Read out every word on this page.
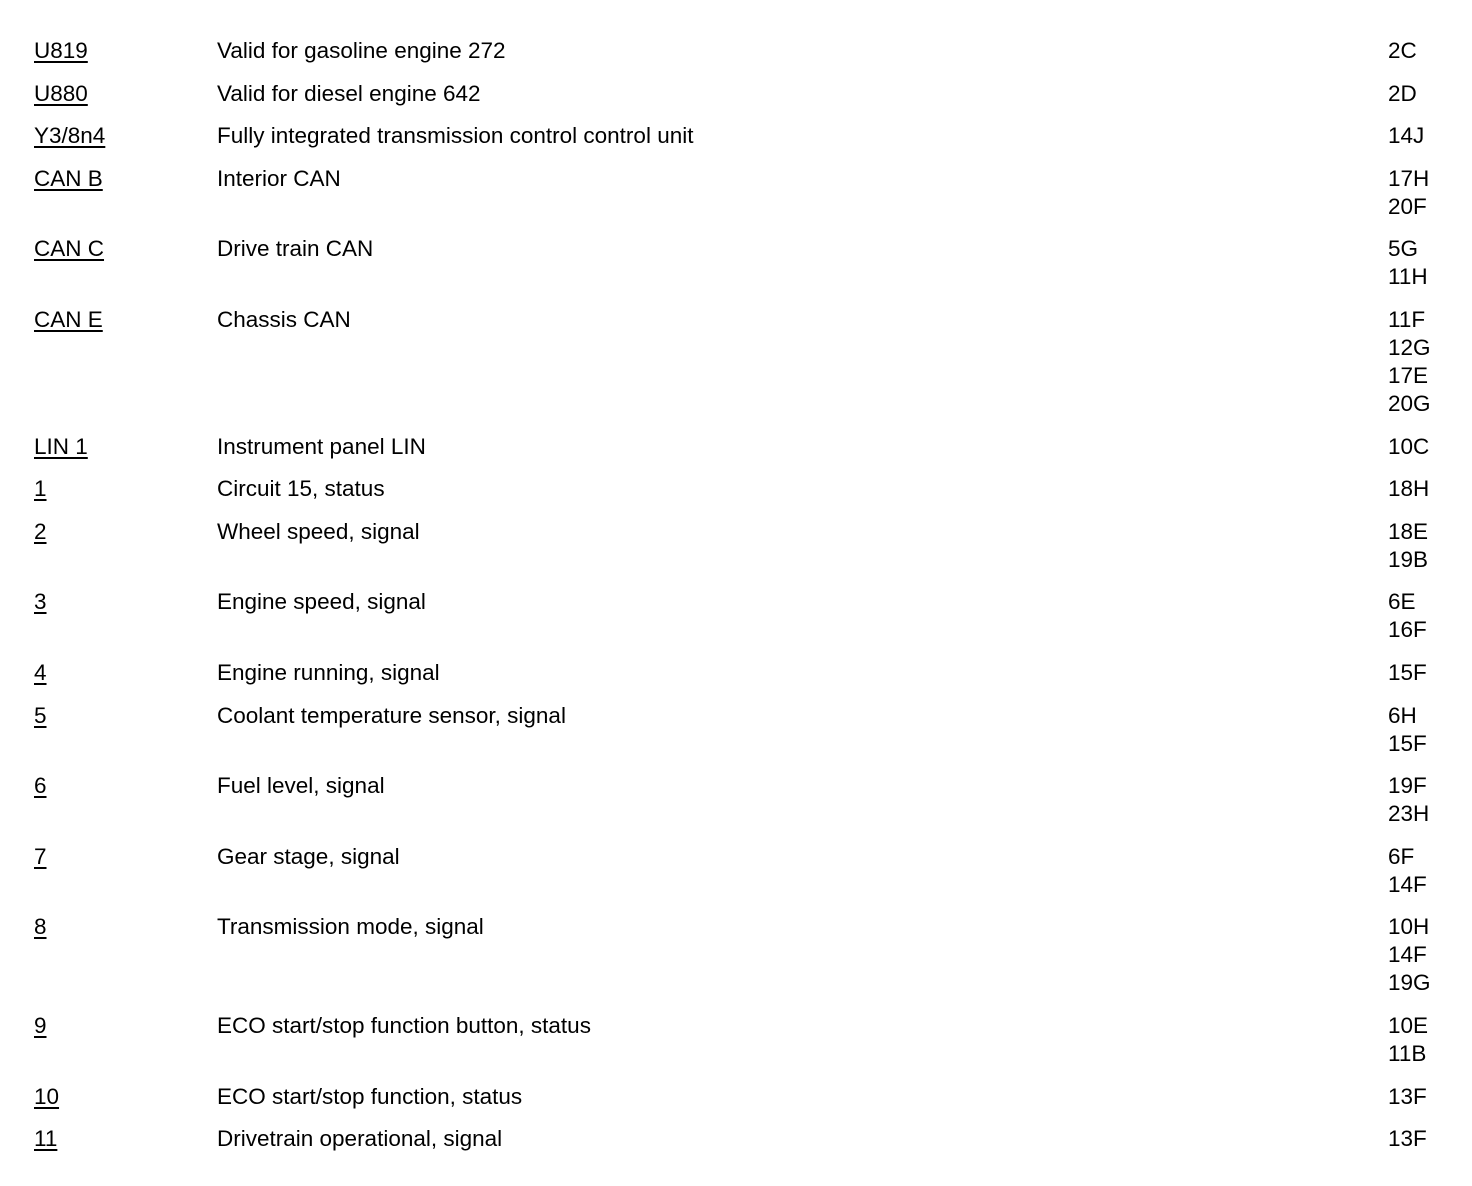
U819	Valid for gasoline engine 272	2C
U880	Valid for diesel engine 642	2D
Y3/8n4	Fully integrated transmission control control unit	14J
CAN B	Interior CAN	17H
20F
CAN C	Drive train CAN	5G
11H
CAN E	Chassis CAN	11F
12G
17E
20G
LIN 1	Instrument panel LIN	10C
1	Circuit 15, status	18H
2	Wheel speed, signal	18E
19B
3	Engine speed, signal	6E
16F
4	Engine running, signal	15F
5	Coolant temperature sensor, signal	6H
15F
6	Fuel level, signal	19F
23H
7	Gear stage, signal	6F
14F
8	Transmission mode, signal	10H
14F
19G
9	ECO start/stop function button, status	10E
11B
10	ECO start/stop function, status	13F
11	Drivetrain operational, signal	13F
